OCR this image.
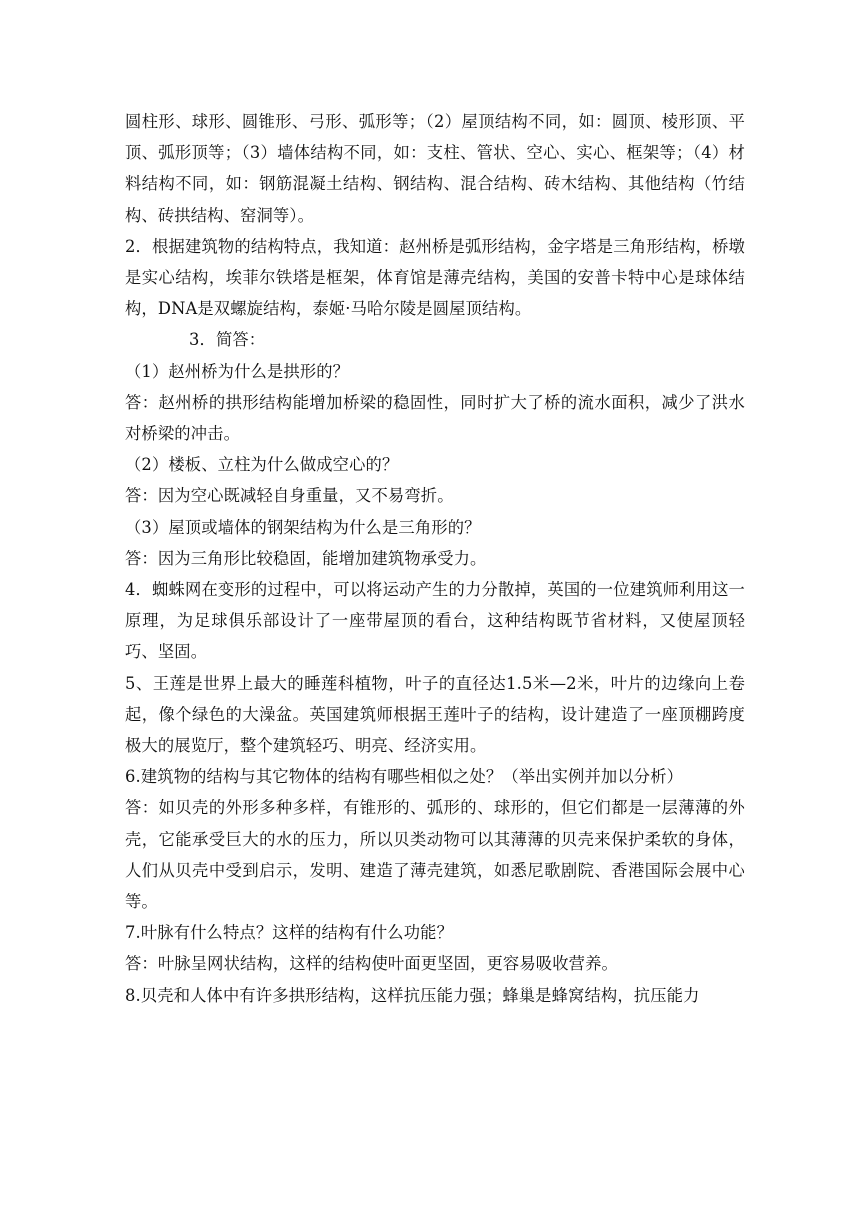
圆柱形、球形、圆锥形、弓形、弧形等；（2）屋顶结构不同，如：圆顶、棱形顶、平顶、弧形顶等；（3）墙体结构不同，如：支柱、管状、空心、实心、框架等；（4）材料结构不同，如：钢筋混凝土结构、钢结构、混合结构、砖木结构、其他结构（竹结构、砖拱结构、窑洞等）。

2．根据建筑物的结构特点，我知道：赵州桥是弧形结构，金字塔是三角形结构，桥墩是实心结构，埃菲尔铁塔是框架，体育馆是薄壳结构，美国的安普卡特中心是球体结构，DNA是双螺旋结构，泰姬·马哈尔陵是圆屋顶结构。

3．简答：

（1）赵州桥为什么是拱形的？

答：赵州桥的拱形结构能增加桥梁的稳固性，同时扩大了桥的流水面积，减少了洪水对桥梁的冲击。

（2）楼板、立柱为什么做成空心的？

答：因为空心既减轻自身重量，又不易弯折。

（3）屋顶或墙体的钢架结构为什么是三角形的？

答：因为三角形比较稳固，能增加建筑物承受力。

4．蜘蛛网在变形的过程中，可以将运动产生的力分散掉，英国的一位建筑师利用这一原理，为足球俱乐部设计了一座带屋顶的看台，这种结构既节省材料，又使屋顶轻巧、坚固。

5、王莲是世界上最大的睡莲科植物，叶子的直径达1.5米—2米，叶片的边缘向上卷起，像个绿色的大澡盆。英国建筑师根据王莲叶子的结构，设计建造了一座顶棚跨度极大的展览厅，整个建筑轻巧、明亮、经济实用。

6.建筑物的结构与其它物体的结构有哪些相似之处？（举出实例并加以分析）

答：如贝壳的外形多种多样，有锥形的、弧形的、球形的，但它们都是一层薄薄的外壳，它能承受巨大的水的压力，所以贝类动物可以其薄薄的贝壳来保护柔软的身体，人们从贝壳中受到启示，发明、建造了薄壳建筑，如悉尼歌剧院、香港国际会展中心等。

7.叶脉有什么特点？这样的结构有什么功能？

答：叶脉呈网状结构，这样的结构使叶面更坚固，更容易吸收营养。

8.贝壳和人体中有许多拱形结构，这样抗压能力强；蜂巢是蜂窝结构，抗压能力
